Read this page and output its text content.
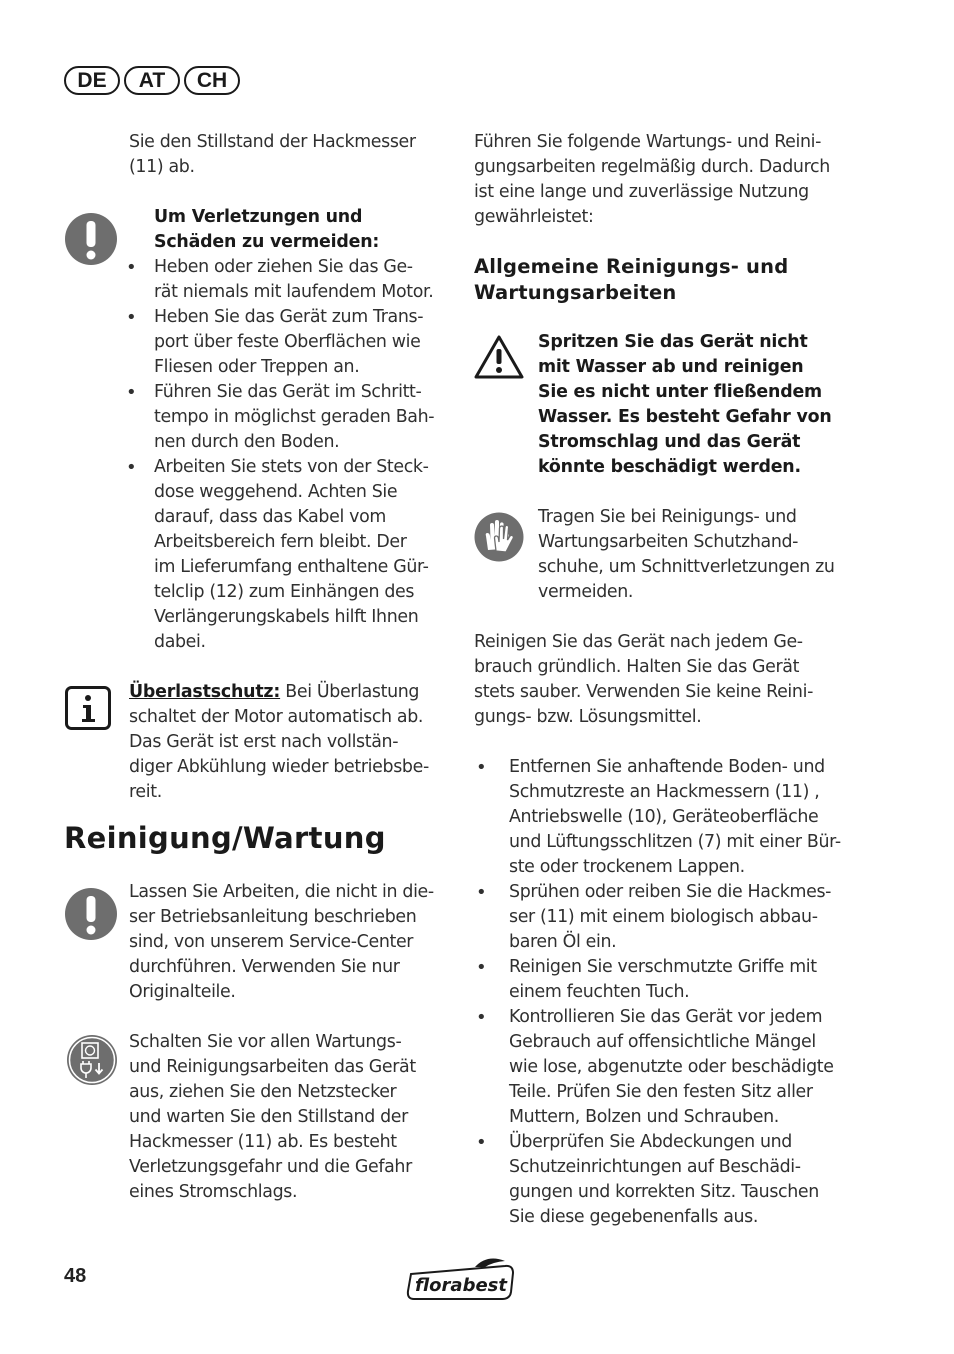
DE	AT	CH
Sie den Stillstand der Hackmesser (11) ab.
Um Verletzungen und
Schäden zu vermeiden:
• Heben oder ziehen Sie das Ge-
rät niemals mit laufendem Motor.
• Heben Sie das Gerät zum Trans-
port über feste Oberflächen wie
Fliesen oder Treppen an.
• Führen Sie das Gerät im Schritt-
tempo in möglichst geraden Bah-
nen durch den Boden.
• Arbeiten Sie stets von der Steck-
dose weggehend. Achten Sie
darauf, dass das Kabel vom
Arbeitsbereich fern bleibt. Der
im Lieferumfang enthaltene Gür-
telclip (12) zum Einhängen des
Verlängerungskabels hilft Ihnen
dabei.
Überlastschutz: Bei Überlastung
schaltet der Motor automatisch ab.
Das Gerät ist erst nach vollstän-
diger Abkühlung wieder betriebsbe-
reit.
Reinigung/Wartung
Lassen Sie Arbeiten, die nicht in die-
ser Betriebsanleitung beschrieben
sind, von unserem Service-Center
durchführen. Verwenden Sie nur
Originalteile.
Schalten Sie vor allen Wartungs-
und Reinigungsarbeiten das Gerät
aus, ziehen Sie den Netzstecker
und warten Sie den Stillstand der
Hackmesser (11) ab. Es besteht
Verletzungsgefahr und die Gefahr
eines Stromschlags.
Führen Sie folgende Wartungs- und Reini-
gungsarbeiten regelmäßig durch. Dadurch
ist eine lange und zuverlässige Nutzung
gewährleistet:
Allgemeine Reinigungs- und
Wartungsarbeiten
Spritzen Sie das Gerät nicht
mit Wasser ab und reinigen
Sie es nicht unter fließendem
Wasser. Es besteht Gefahr von
Stromschlag und das Gerät
könnte beschädigt werden.
Tragen Sie bei Reinigungs- und
Wartungsarbeiten Schutzhand-
schuhe, um Schnittverletzungen zu
vermeiden.
Reinigen Sie das Gerät nach jedem Ge-
brauch gründlich. Halten Sie das Gerät
stets sauber. Verwenden Sie keine Reini-
gungs- bzw. Lösungsmittel.
• Entfernen Sie anhaftende Boden- und
Schmutzreste an Hackmessern (11) ,
Antriebswelle (10), Geräteoberfläche
und Lüftungsschlitzen (7) mit einer Bür-
ste oder trockenem Lappen.
• Sprühen oder reiben Sie die Hackmes-
ser (11) mit einem biologisch abbau-
baren Öl ein.
• Reinigen Sie verschmutzte Griffe mit
einem feuchten Tuch.
• Kontrollieren Sie das Gerät vor jedem
Gebrauch auf offensichtliche Mängel
wie lose, abgenutzte oder beschädigte
Teile. Prüfen Sie den festen Sitz aller
Muttern, Bolzen und Schrauben.
• Überprüfen Sie Abdeckungen und
Schutzeinrichtungen auf Beschädi-
gungen und korrekten Sitz. Tauschen
Sie diese gegebenenfalls aus.
48	florabest
